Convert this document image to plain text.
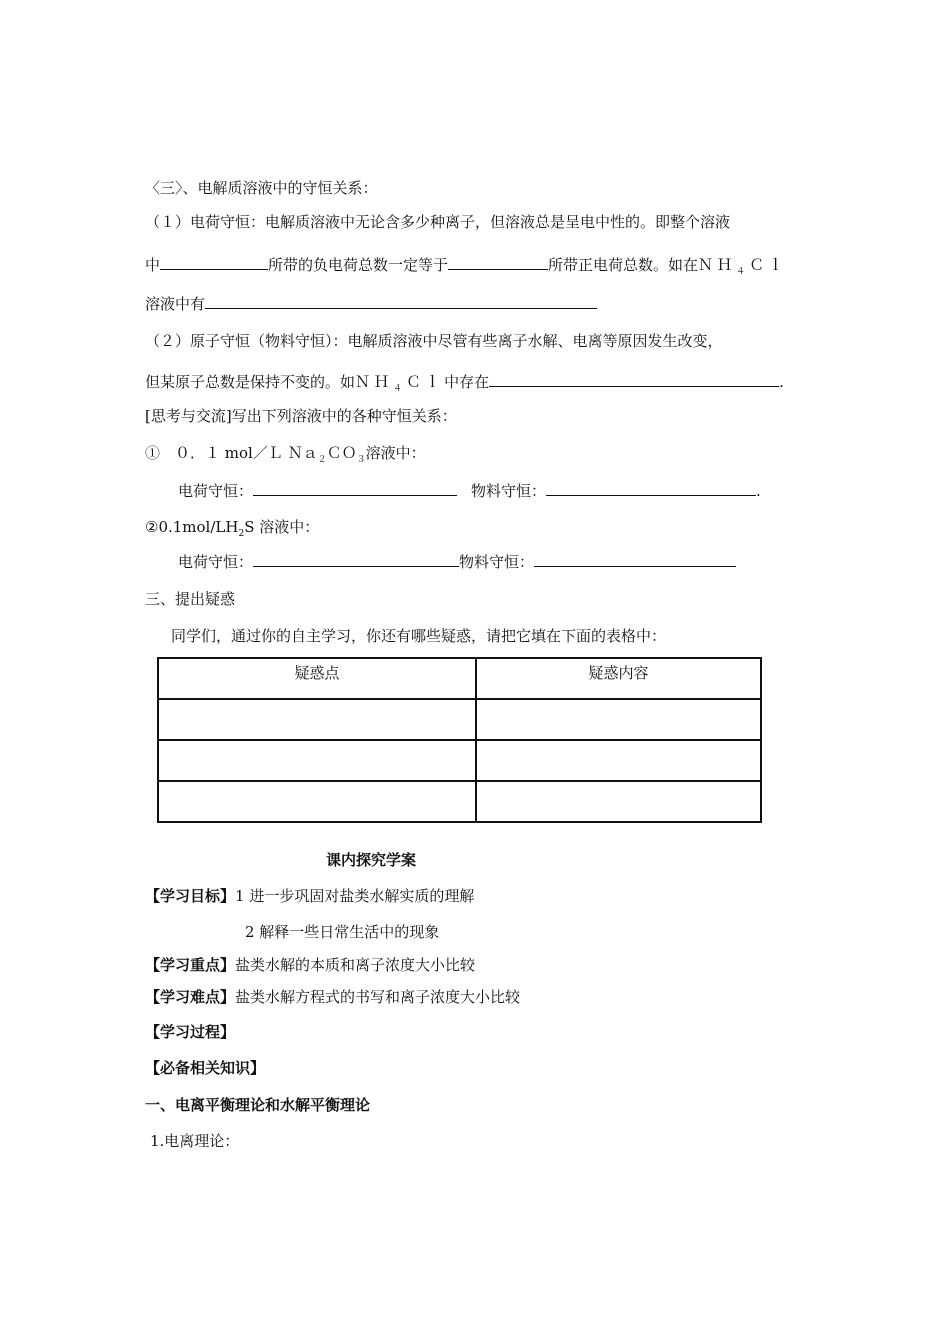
〈三〉、电解质溶液中的守恒关系：
（１）电荷守恒：电解质溶液中无论含多少种离子，但溶液总是呈电中性的。即整个溶液
中	所带的负电荷总数一定等于	所带正电荷总数。如在ＮＨ$_4$Ｃｌ
溶液中有
（２）原子守恒（物料守恒）：电解质溶液中尽管有些离子水解、电离等原因发生改变，
但某原子总数是保持不变的。如ＮＨ$_4$Ｃｌ中存在	.
[思考与交流]写出下列溶液中的各种守恒关系：
①　０．１ mol／Ｌ Ｎａ$_2$ＣＯ$_3$溶液中：
电荷守恒：	物料守恒：	.
$②0.1mol/LH_2S$ 溶液中：
电荷守恒：	物料守恒：
三、提出疑惑
同学们，通过你的自主学习，你还有哪些疑惑，请把它填在下面的表格中：
疑惑点	疑惑内容

课内探究学案
【学习目标】1 进一步巩固对盐类水解实质的理解
2 解释一些日常生活中的现象
【学习重点】盐类水解的本质和离子浓度大小比较
【学习难点】盐类水解方程式的书写和离子浓度大小比较
【学习过程】
【必备相关知识】
一、电离平衡理论和水解平衡理论
1.电离理论：
